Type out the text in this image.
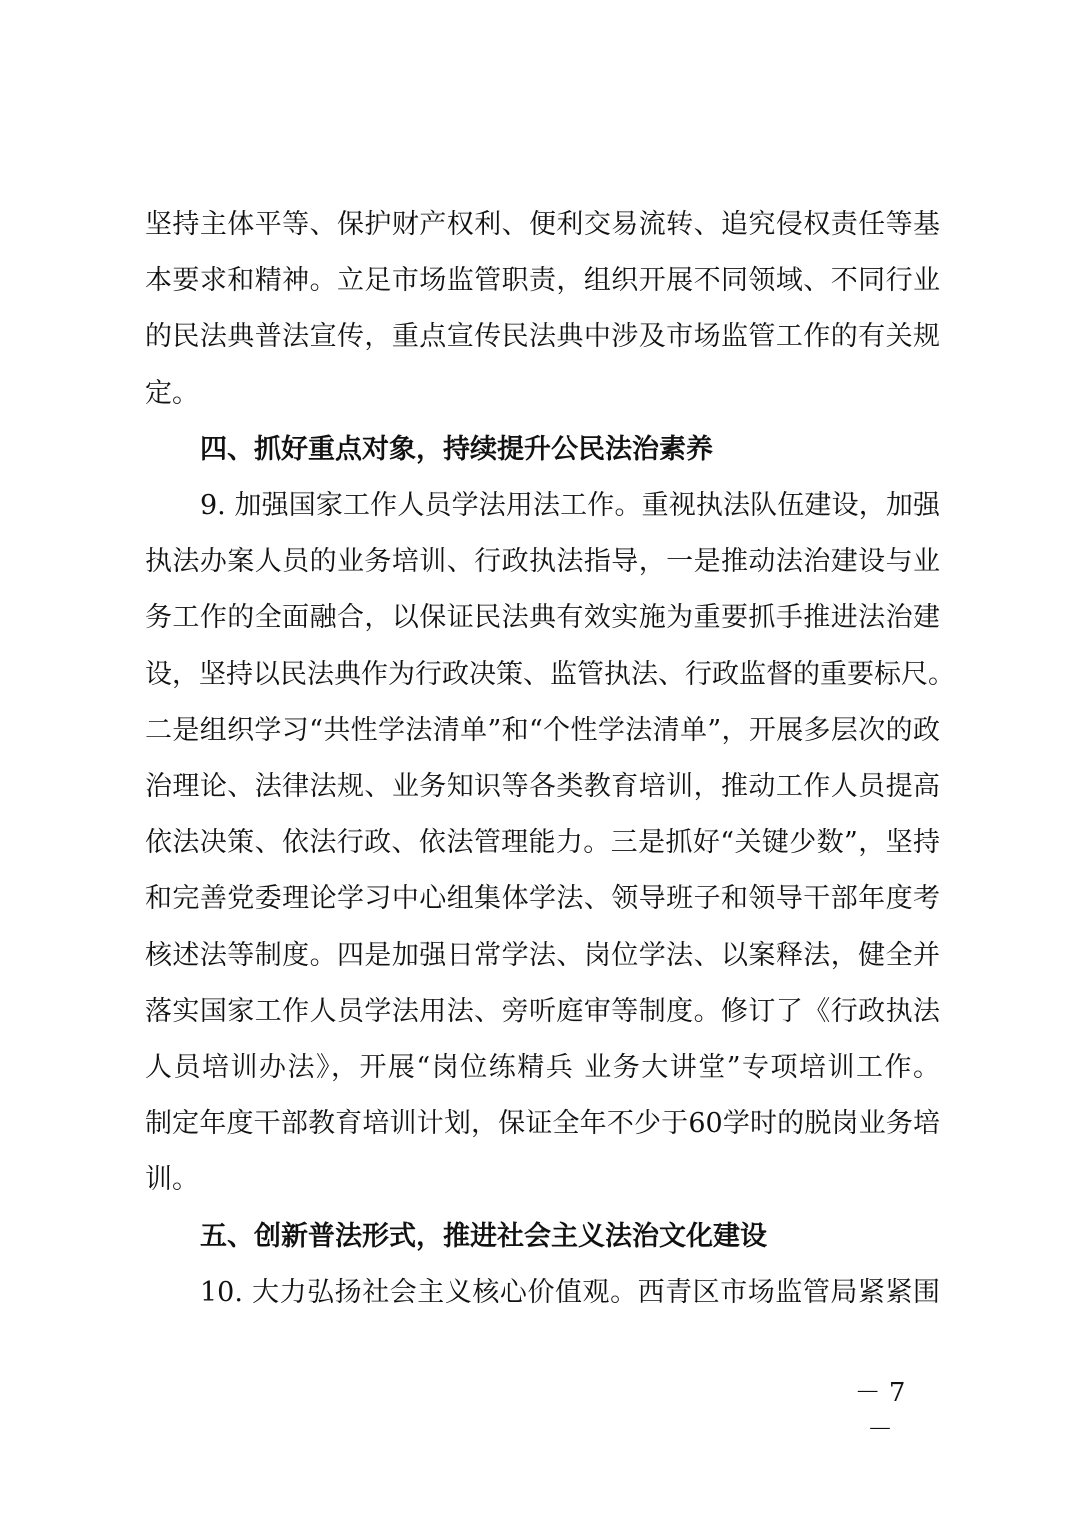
坚持主体平等、保护财产权利、便利交易流转、追究侵权责任等基
本要求和精神。立足市场监管职责，组织开展不同领域、不同行业
的民法典普法宣传，重点宣传民法典中涉及市场监管工作的有关规
定。
四、抓好重点对象，持续提升公民法治素养
9. 加强国家工作人员学法用法工作。重视执法队伍建设，加强
执法办案人员的业务培训、行政执法指导，一是推动法治建设与业
务工作的全面融合，以保证民法典有效实施为重要抓手推进法治建
设，坚持以民法典作为行政决策、监管执法、行政监督的重要标尺。
二是组织学习“共性学法清单”和“个性学法清单”，开展多层次的政
治理论、法律法规、业务知识等各类教育培训，推动工作人员提高
依法决策、依法行政、依法管理能力。三是抓好“关键少数”，坚持
和完善党委理论学习中心组集体学法、领导班子和领导干部年度考
核述法等制度。四是加强日常学法、岗位学法、以案释法，健全并
落实国家工作人员学法用法、旁听庭审等制度。修订了《行政执法
人员培训办法》，开展“岗位练精兵 业务大讲堂”专项培训工作。
制定年度干部教育培训计划，保证全年不少于60学时的脱岗业务培
训。
五、创新普法形式，推进社会主义法治文化建设
10. 大力弘扬社会主义核心价值观。西青区市场监管局紧紧围
－ 7 －
